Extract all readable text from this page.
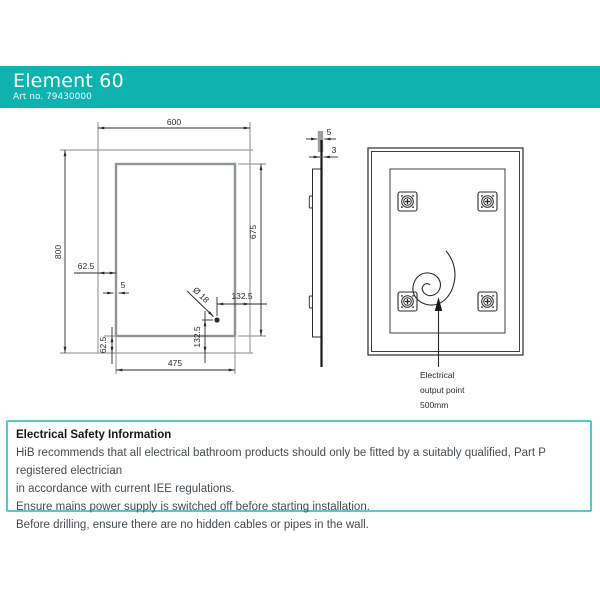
600
800
675
62.5
5
62.5
475
Ø 18 132.5
132.5
5
3
Electrical
output point
500mm
Element 60
Art no. 79430000
Electrical Safety Information
HiB recommends that all electrical bathroom products should only be fitted by a suitably qualified, Part P registered electrician
in accordance with current IEE regulations.
Ensure mains power supply is switched off before starting installation.
Before drilling, ensure there are no hidden cables or pipes in the wall.
